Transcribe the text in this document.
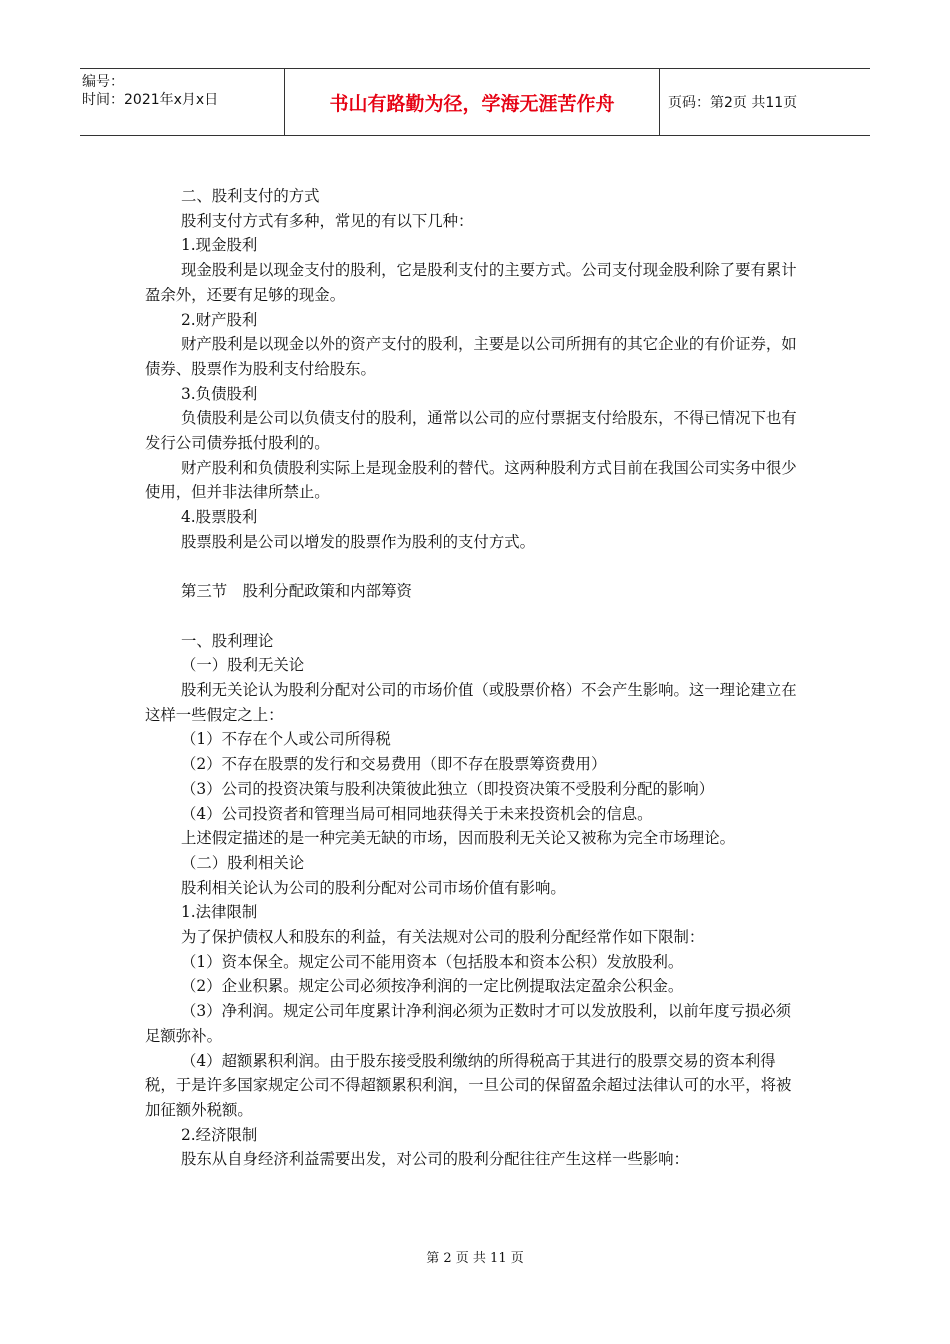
编号：
时间：2021年x月x日	书山有路勤为径，学海无涯苦作舟	页码：第2页 共11页

二、股利支付的方式

股利支付方式有多种，常见的有以下几种：

1.现金股利

现金股利是以现金支付的股利，它是股利支付的主要方式。公司支付现金股利除了要有累计盈余外，还要有足够的现金。

2.财产股利

财产股利是以现金以外的资产支付的股利，主要是以公司所拥有的其它企业的有价证券，如债券、股票作为股利支付给股东。

3.负债股利

负债股利是公司以负债支付的股利，通常以公司的应付票据支付给股东，不得已情况下也有发行公司债券抵付股利的。

财产股利和负债股利实际上是现金股利的替代。这两种股利方式目前在我国公司实务中很少使用，但并非法律所禁止。

4.股票股利

股票股利是公司以增发的股票作为股利的支付方式。

第三节　股利分配政策和内部筹资

一、股利理论

（一）股利无关论

股利无关论认为股利分配对公司的市场价值（或股票价格）不会产生影响。这一理论建立在这样一些假定之上：

（1）不存在个人或公司所得税

（2）不存在股票的发行和交易费用（即不存在股票筹资费用）

（3）公司的投资决策与股利决策彼此独立（即投资决策不受股利分配的影响）

（4）公司投资者和管理当局可相同地获得关于未来投资机会的信息。

上述假定描述的是一种完美无缺的市场，因而股利无关论又被称为完全市场理论。

（二）股利相关论

股利相关论认为公司的股利分配对公司市场价值有影响。

1.法律限制

为了保护债权人和股东的利益，有关法规对公司的股利分配经常作如下限制：

（1）资本保全。规定公司不能用资本（包括股本和资本公积）发放股利。

（2）企业积累。规定公司必须按净利润的一定比例提取法定盈余公积金。

（3）净利润。规定公司年度累计净利润必须为正数时才可以发放股利，以前年度亏损必须足额弥补。

（4）超额累积利润。由于股东接受股利缴纳的所得税高于其进行的股票交易的资本利得税，于是许多国家规定公司不得超额累积利润，一旦公司的保留盈余超过法律认可的水平，将被加征额外税额。

2.经济限制

股东从自身经济利益需要出发，对公司的股利分配往往产生这样一些影响：

第 2 页 共 11 页
